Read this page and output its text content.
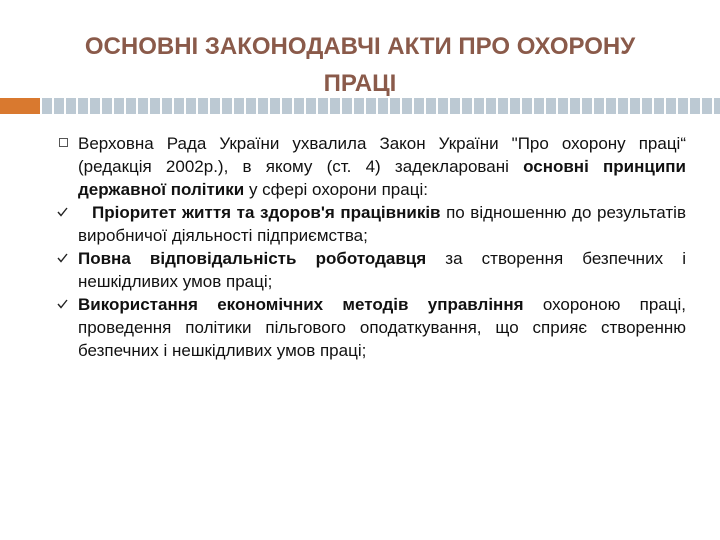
ОСНОВНІ ЗАКОНОДАВЧІ АКТИ ПРО ОХОРОНУ
ПРАЦІ
Верховна Рада України ухвалила Закон України "Про охорону праці“ (редакція 2002р.), в якому (ст. 4) задекларовані основні принципи державної політики у сфері охорони праці:
Пріоритет життя та здоров'я працівників по відношенню до результатів виробничої діяльності підприємства;
Повна відповідальність роботодавця за створення безпечних і нешкідливих умов праці;
Використання економічних методів управління охороною праці, проведення політики пільгового оподаткування, що сприяє створенню безпечних і нешкідливих умов праці;
